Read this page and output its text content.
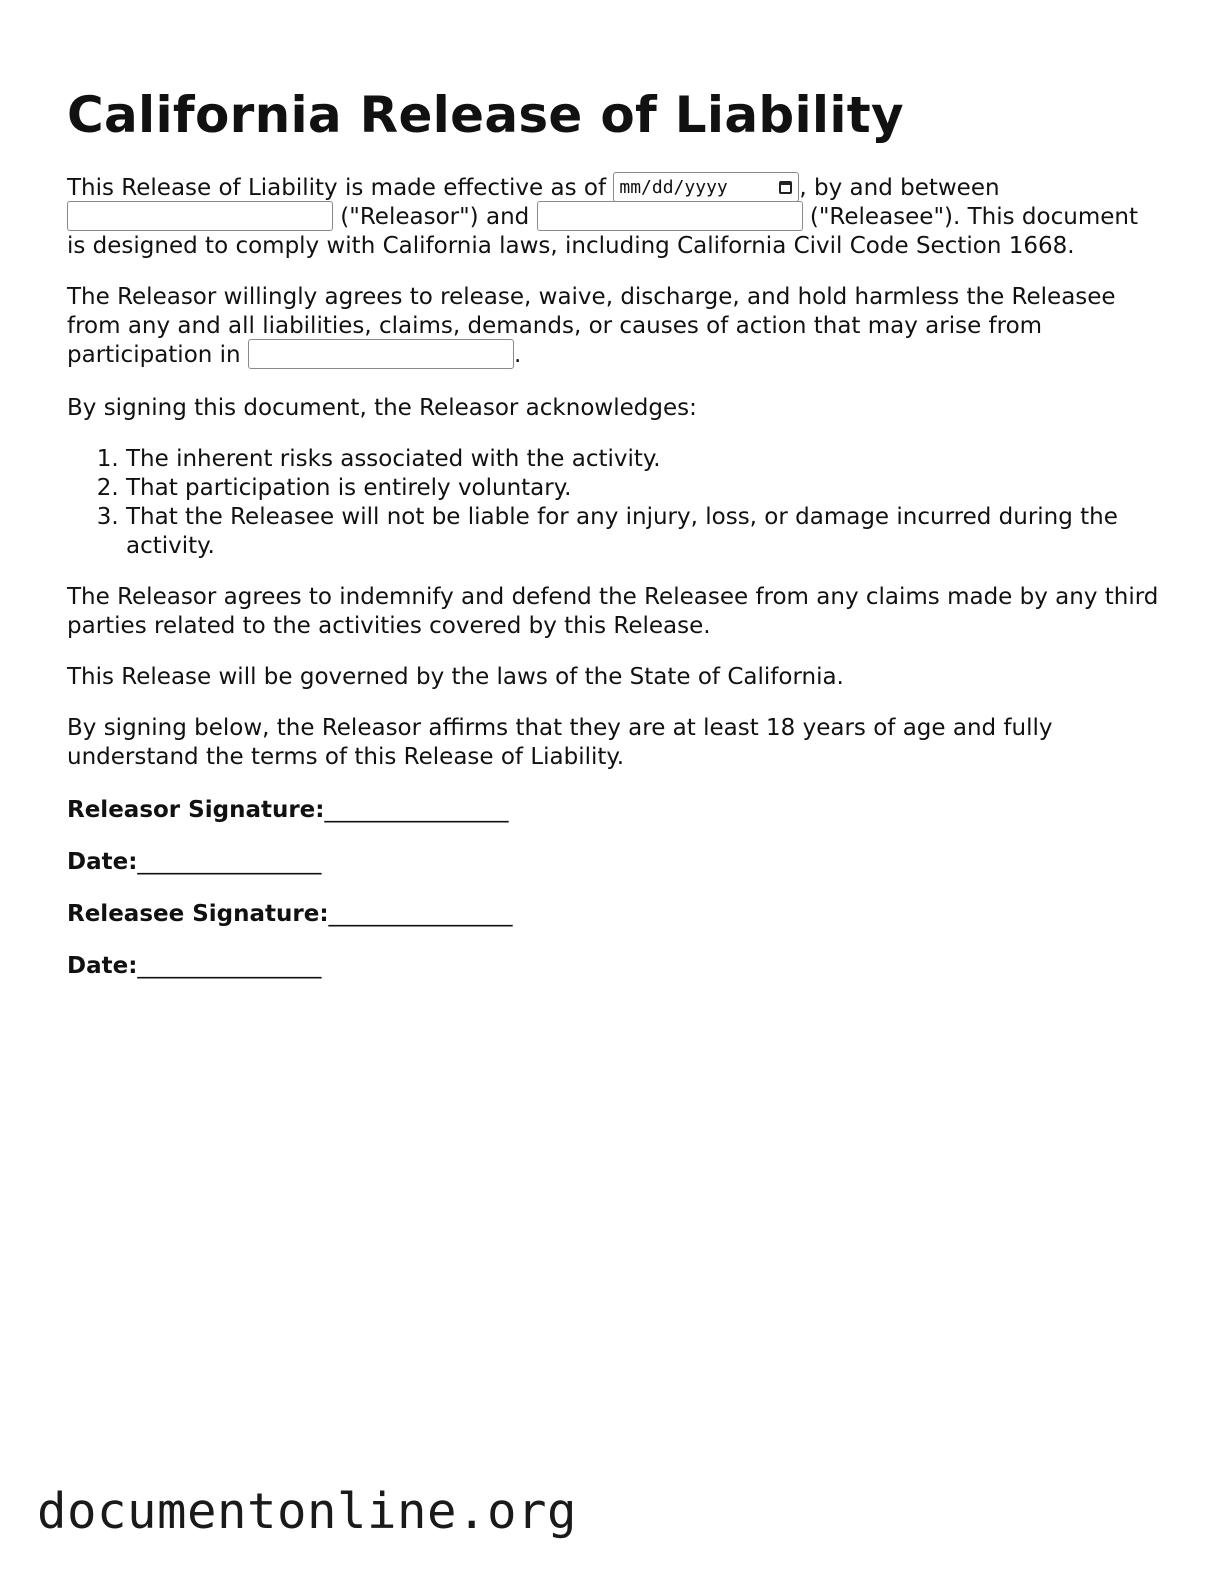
California Release of Liability

This Release of Liability is made effective as of mm/dd/yyyy	, by and between  ("Releasor") and	("Releasee"). This document is designed to comply with California laws, including California Civil Code Section 1668.

The Releasor willingly agrees to release, waive, discharge, and hold harmless the Releasee from any and all liabilities, claims, demands, or causes of action that may arise from participation in	.

By signing this document, the Releasor acknowledges:

1. The inherent risks associated with the activity.
2. That participation is entirely voluntary.
3. That the Releasee will not be liable for any injury, loss, or damage incurred during the activity.

The Releasor agrees to indemnify and defend the Releasee from any claims made by any third parties related to the activities covered by this Release.

This Release will be governed by the laws of the State of California.

By signing below, the Releasor affirms that they are at least 18 years of age and fully understand the terms of this Release of Liability.

Releasor Signature:________________

Date:________________

Releasee Signature:________________

Date:________________

documentonline.org
